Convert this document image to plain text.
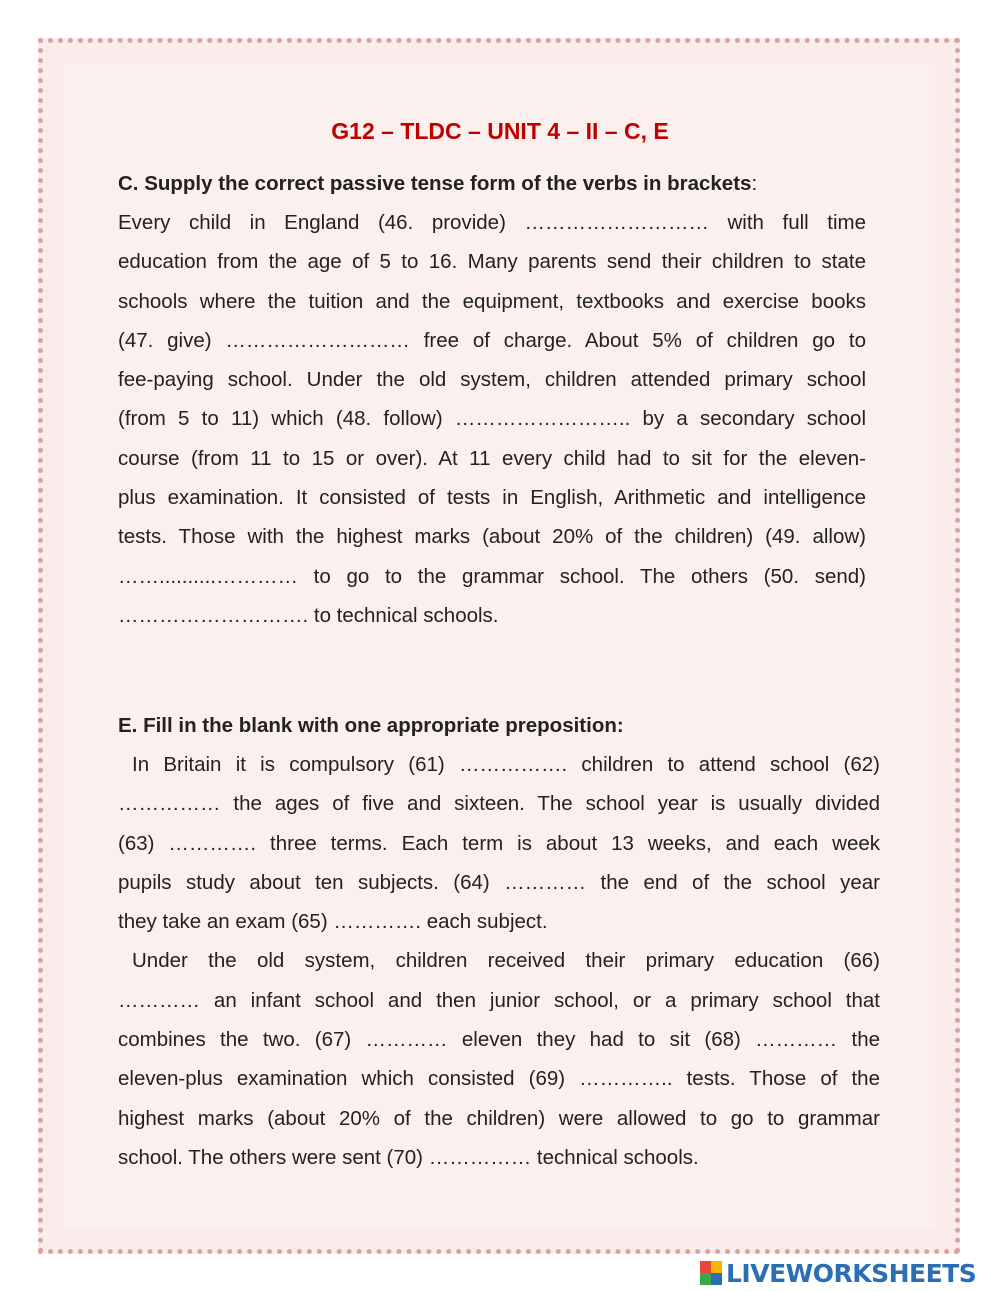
G12 – TLDC – UNIT 4 – II – C, E
C. Supply the correct passive tense form of the verbs in brackets:
Every child in England (46. provide) ……………………… with full time
education from the age of 5 to 16. Many parents send their children to state
schools where the tuition and the equipment, textbooks and exercise books
(47. give) ……………………… free of charge. About 5% of children go to
fee-paying school. Under the old system, children attended primary school
(from 5 to 11) which (48. follow) …………………….. by a secondary school
course (from 11 to 15 or over). At 11 every child had to sit for the eleven-
plus examination. It consisted of tests in English, Arithmetic and intelligence
tests. Those with the highest marks (about 20% of the children) (49. allow)
……..........………… to go to the grammar school. The others (50. send)
………………………. to technical schools.
E. Fill in the blank with one appropriate preposition:
In Britain it is compulsory (61) ……………. children to attend school (62)
…………… the ages of five and sixteen. The school year is usually divided
(63) …………. three terms. Each term is about 13 weeks, and each week
pupils study about ten subjects. (64) ………… the end of the school year
they take an exam (65) …………. each subject.
Under the old system, children received their primary education (66)
………… an infant school and then junior school, or a primary school that
combines the two. (67) ………… eleven they had to sit (68) ………… the
eleven-plus examination which consisted (69) ………….. tests. Those of the
highest marks (about 20% of the children) were allowed to go to grammar
school. The others were sent (70) …………… technical schools.
LIVEWORKSHEETS
